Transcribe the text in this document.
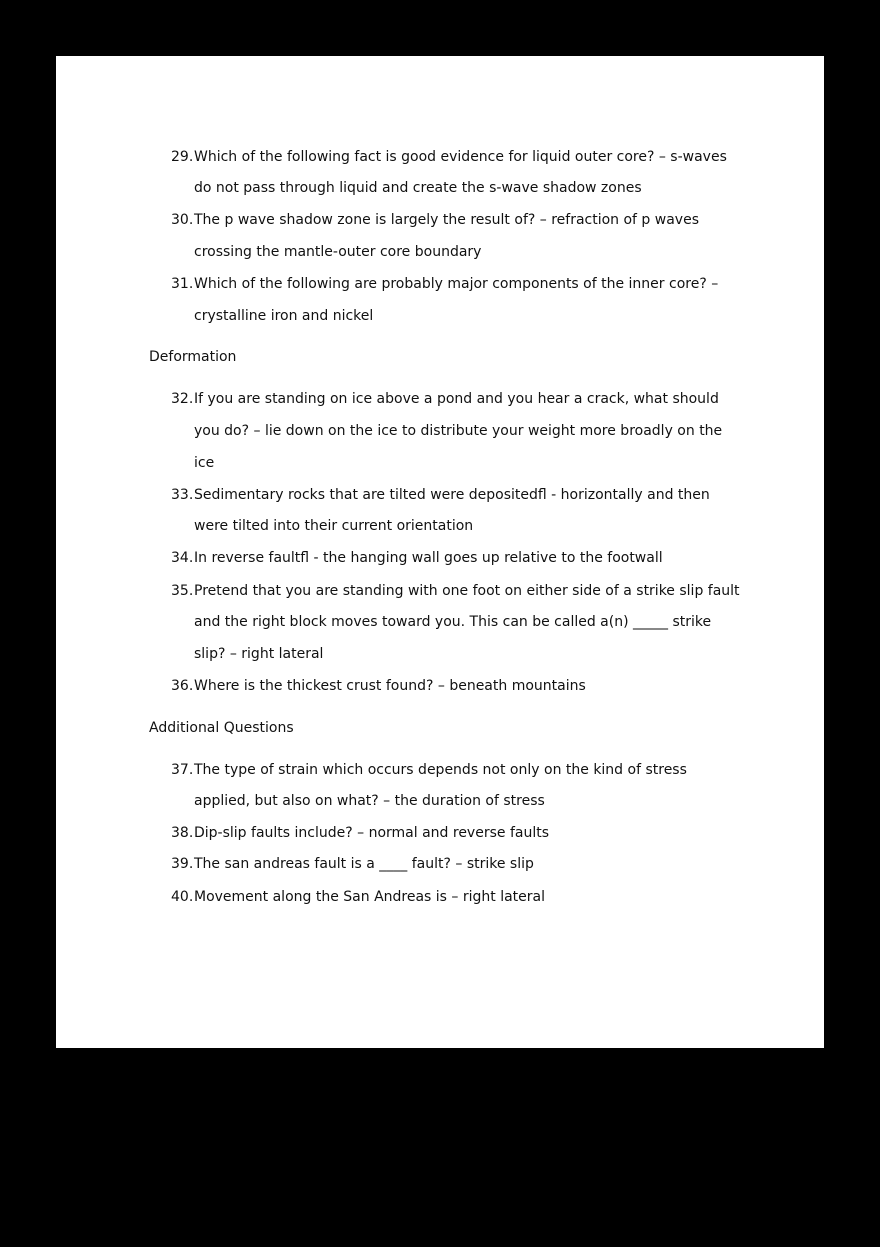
29. Which of the following fact is good evidence for liquid outer core? – s-waves
do not pass through liquid and create the s-wave shadow zones
30. The p wave shadow zone is largely the result of? – refraction of p waves
crossing the mantle-outer core boundary
31. Which of the following are probably major components of the inner core? –
crystalline iron and nickel
Deformation
32. If you are standing on ice above a pond and you hear a crack, what should
you do? – lie down on the ice to distribute your weight more broadly on the
ice
33. Sedimentary rocks that are tilted were depositedfl - horizontally and then
were tilted into their current orientation
34. In reverse faultfl - the hanging wall goes up relative to the footwall
35. Pretend that you are standing with one foot on either side of a strike slip fault
and the right block moves toward you. This can be called a(n) _____ strike
slip? – right lateral
36. Where is the thickest crust found? – beneath mountains
Additional Questions
37. The type of strain which occurs depends not only on the kind of stress
applied, but also on what? – the duration of stress
38. Dip-slip faults include? – normal and reverse faults
39. The san andreas fault is a ____ fault? – strike slip
40. Movement along the San Andreas is – right lateral
